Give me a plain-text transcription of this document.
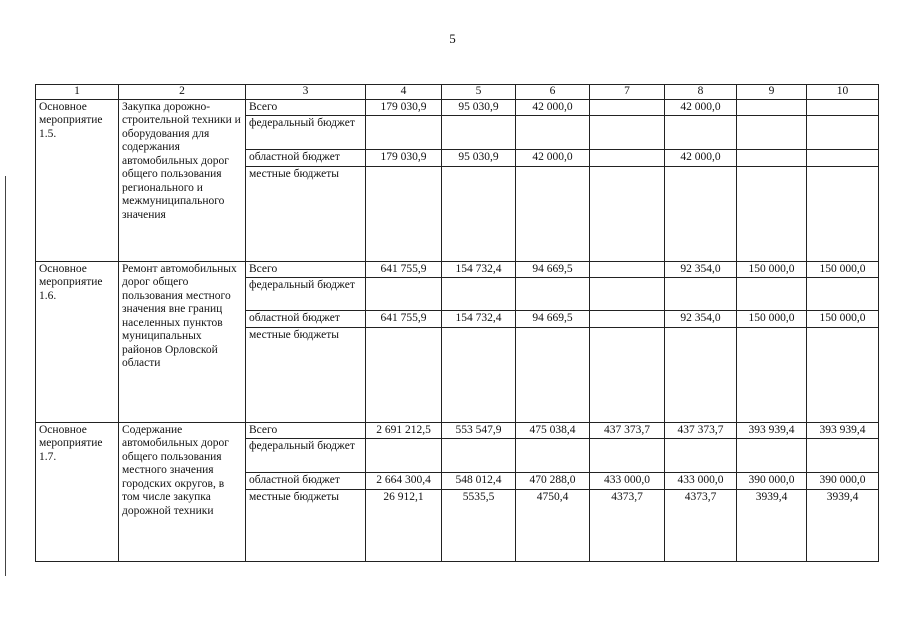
5
1	2	3	4	5	6	7	8	9	10
Основное мероприятие 1.5.	Закупка дорожно-строительной техники и оборудования для содержания автомобильных дорог общего пользования регионального и межмуниципального значения	Всего	179 030,9	95 030,9	42 000,0		42 000,0		
		федеральный бюджет							
		областной бюджет	179 030,9	95 030,9	42 000,0		42 000,0		
		местные бюджеты							
Основное мероприятие 1.6.	Ремонт автомобильных дорог общего пользования местного значения вне границ населенных пунктов муниципальных районов Орловской области	Всего	641 755,9	154 732,4	94 669,5		92 354,0	150 000,0	150 000,0
		федеральный бюджет							
		областной бюджет	641 755,9	154 732,4	94 669,5		92 354,0	150 000,0	150 000,0
		местные бюджеты							
Основное мероприятие 1.7.	Содержание автомобильных дорог общего пользования местного значения городских округов, в том числе закупка дорожной техники	Всего	2 691 212,5	553 547,9	475 038,4	437 373,7	437 373,7	393 939,4	393 939,4
		федеральный бюджет							
		областной бюджет	2 664 300,4	548 012,4	470 288,0	433 000,0	433 000,0	390 000,0	390 000,0
		местные бюджеты	26 912,1	5535,5	4750,4	4373,7	4373,7	3939,4	3939,4
